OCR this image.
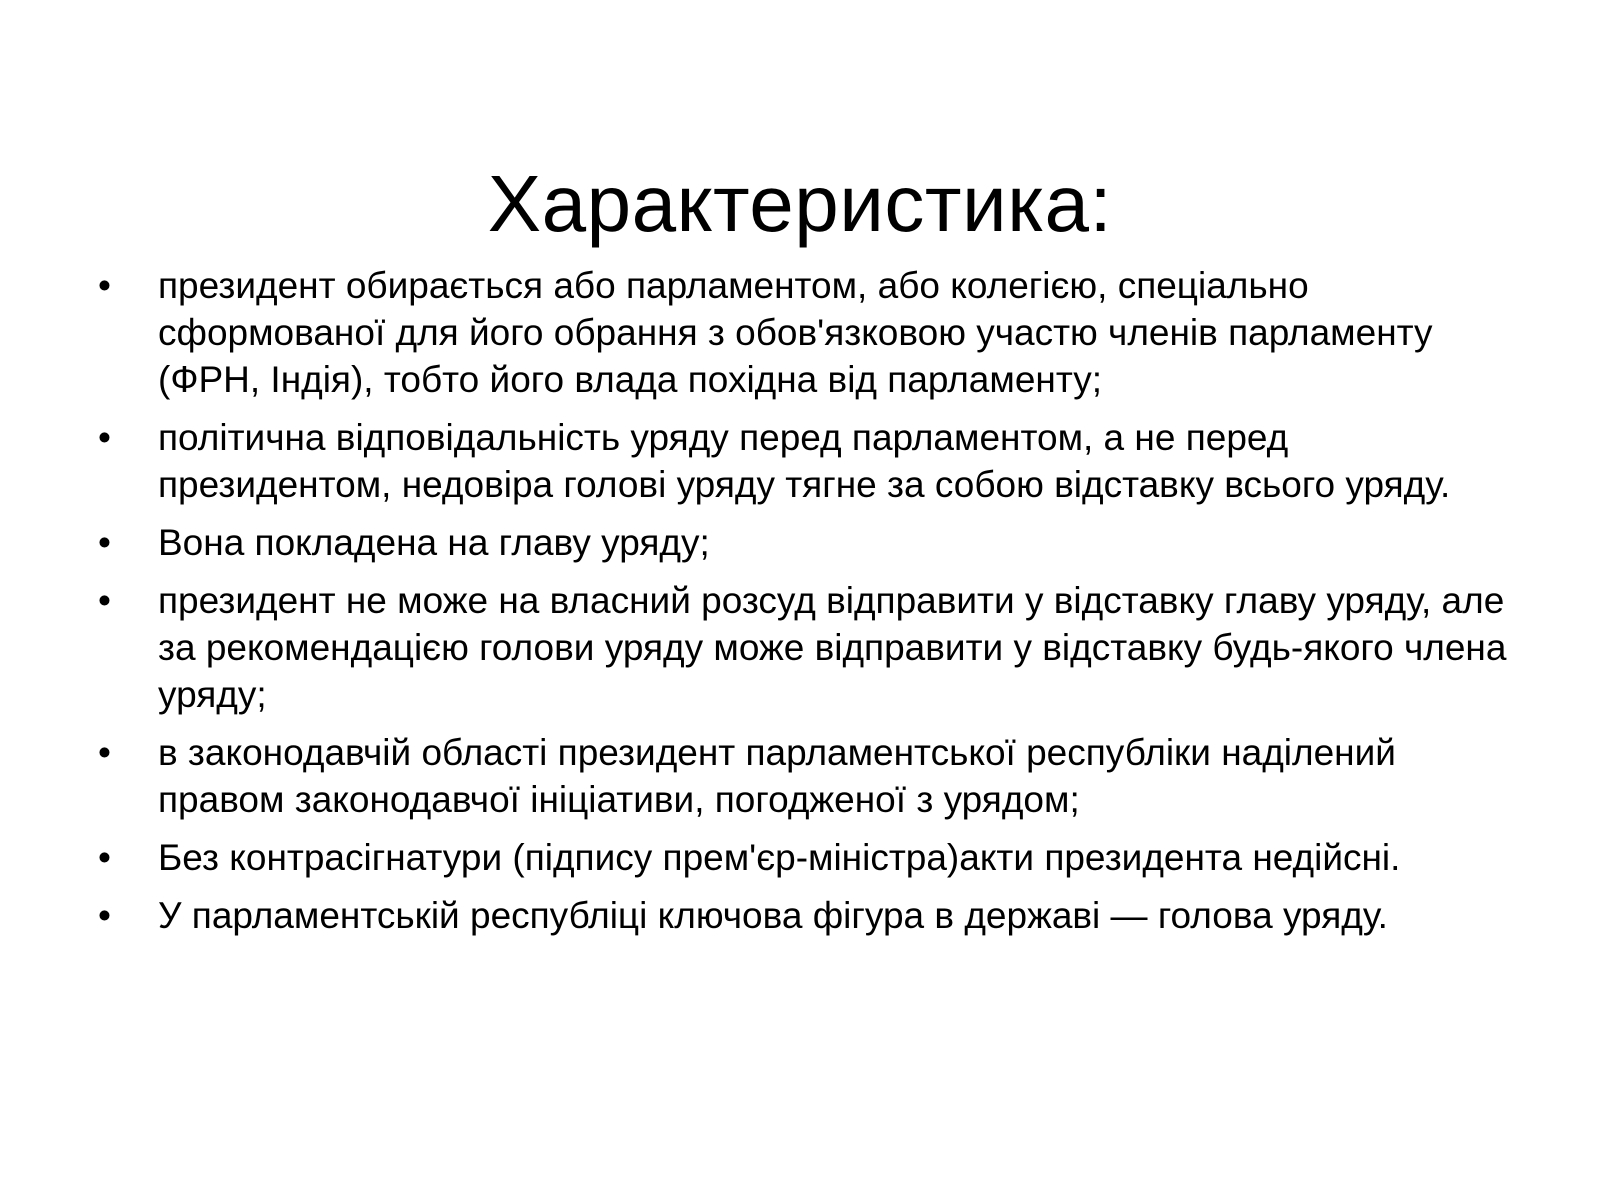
Характеристика:
•	президент обирається або парламентом, або колегією, спеціально сформованої для його обрання з обов'язковою участю членів парламенту (ФРН, Індія), тобто його влада похідна від парламенту;
•	політична відповідальність уряду перед парламентом, а не перед президентом, недовіра голові уряду тягне за собою відставку всього уряду.
•	Вона покладена на главу уряду;
•	президент не може на власний розсуд відправити у відставку главу уряду, але за рекомендацією голови уряду може відправити у відставку будь-якого члена уряду;
•	в законодавчій області президент парламентської республіки наділений правом законодавчої ініціативи, погодженої з урядом;
•	Без контрасігнатури (підпису прем'єр-міністра)акти президента недійсні.
•	У парламентській республіці ключова фігура в державі — голова уряду.
